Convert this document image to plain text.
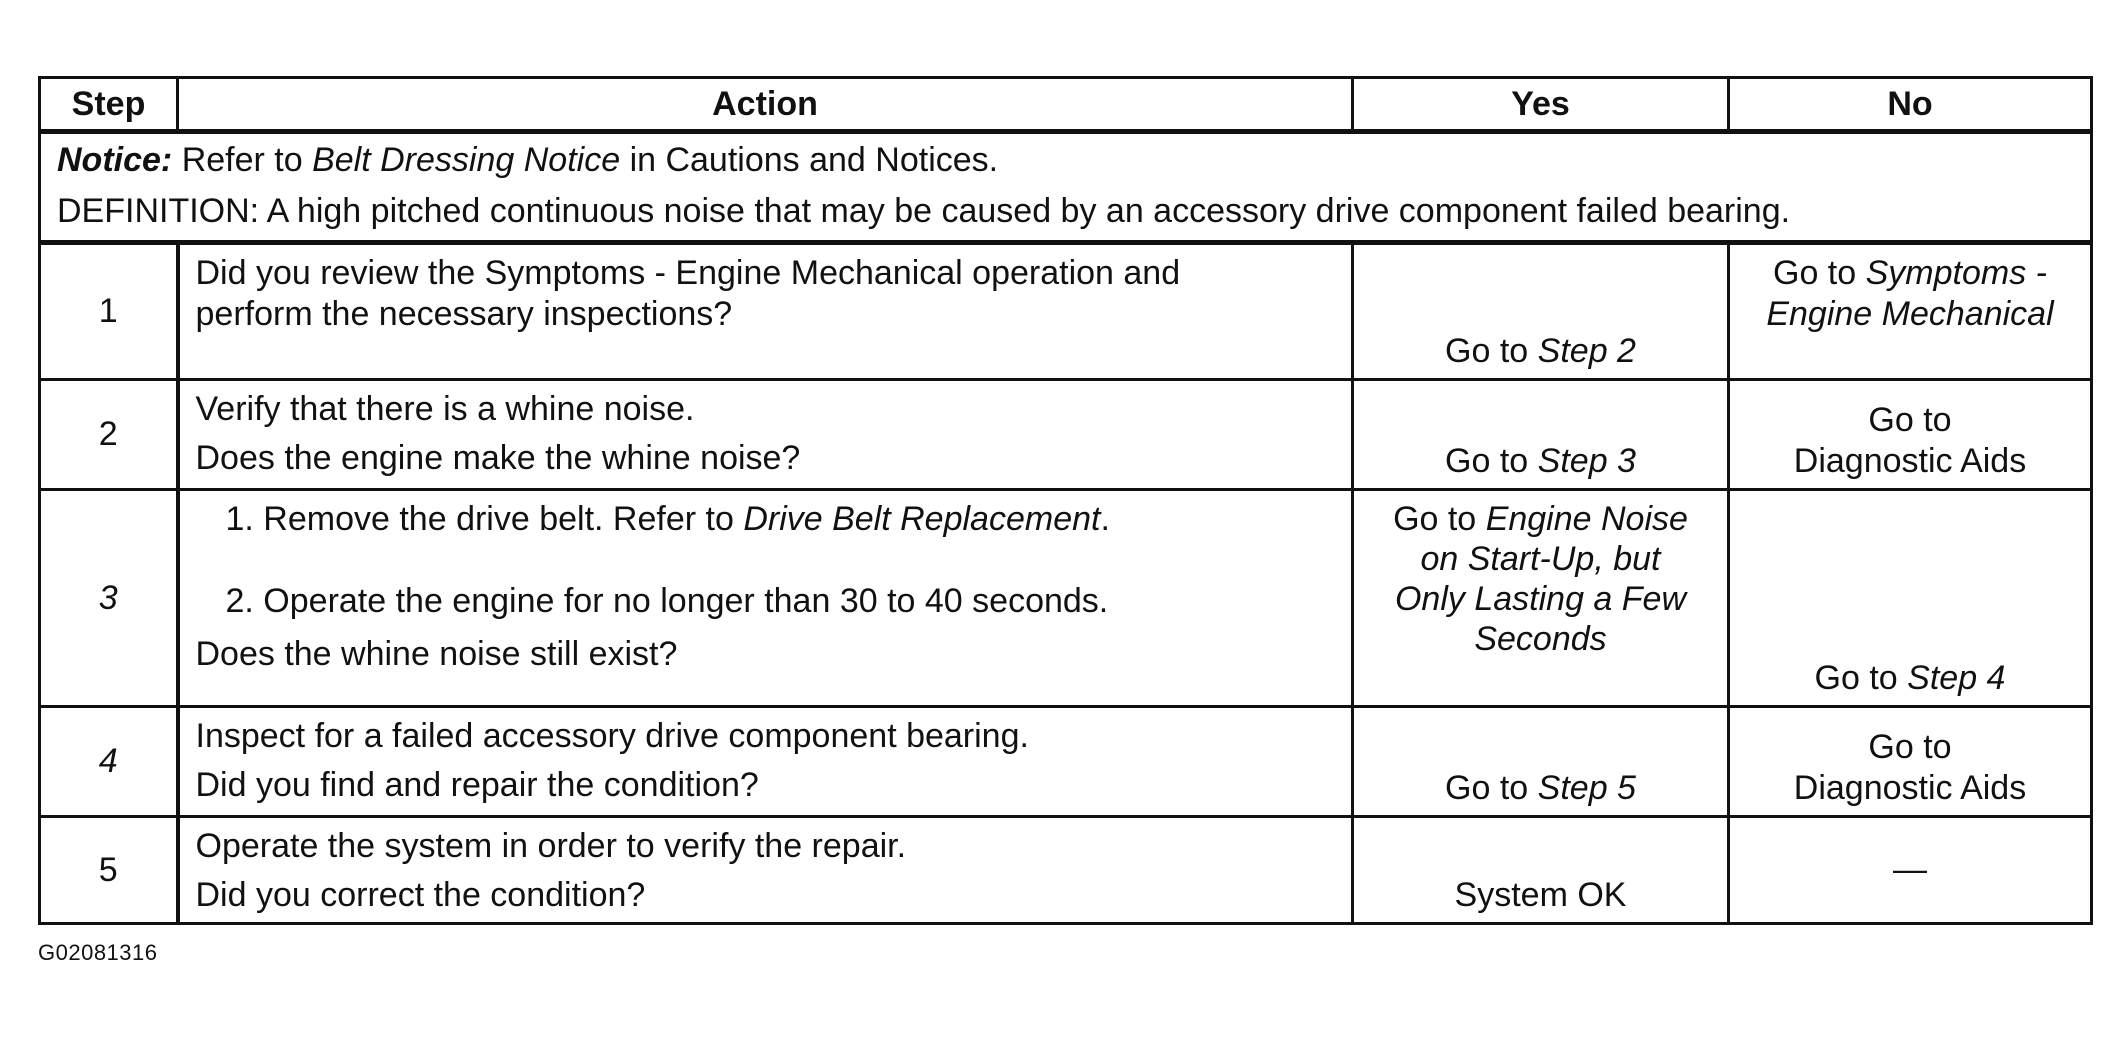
Step	Action	Yes	No

Notice: Refer to Belt Dressing Notice in Cautions and Notices.
DEFINITION: A high pitched continuous noise that may be caused by an accessory drive component failed bearing.			

1	Did you review the Symptoms - Engine Mechanical operation and
perform the necessary inspections?	Go to Step 2	Go to Symptoms -
Engine Mechanical

2	Verify that there is a whine noise.
Does the engine make the whine noise?	Go to Step 3	Go to
Diagnostic Aids

3	1. Remove the drive belt. Refer to Drive Belt Replacement.
2. Operate the engine for no longer than 30 to 40 seconds.
Does the whine noise still exist?	Go to Engine Noise
on Start-Up, but
Only Lasting a Few
Seconds	Go to Step 4

4	Inspect for a failed accessory drive component bearing.
Did you find and repair the condition?	Go to Step 5	Go to
Diagnostic Aids

5	Operate the system in order to verify the repair.
Did you correct the condition?	System OK	—
G02081316
